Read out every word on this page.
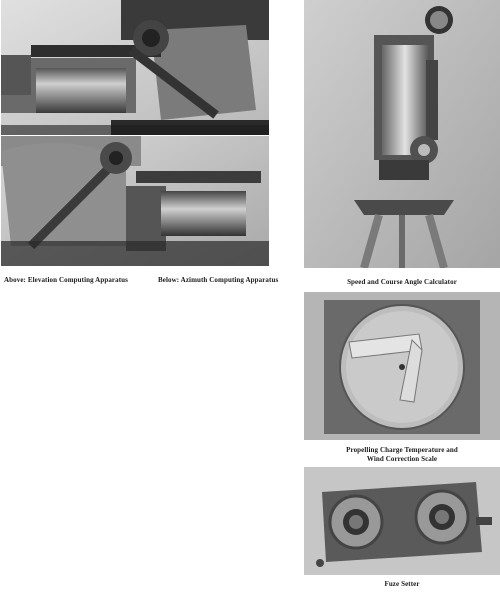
Above: Elevation Computing Apparatus	Below: Azimuth Computing Apparatus	Speed and Course Angle Calculator
Propelling Charge Temperature and
Wind Correction Scale
Fuze Setter
